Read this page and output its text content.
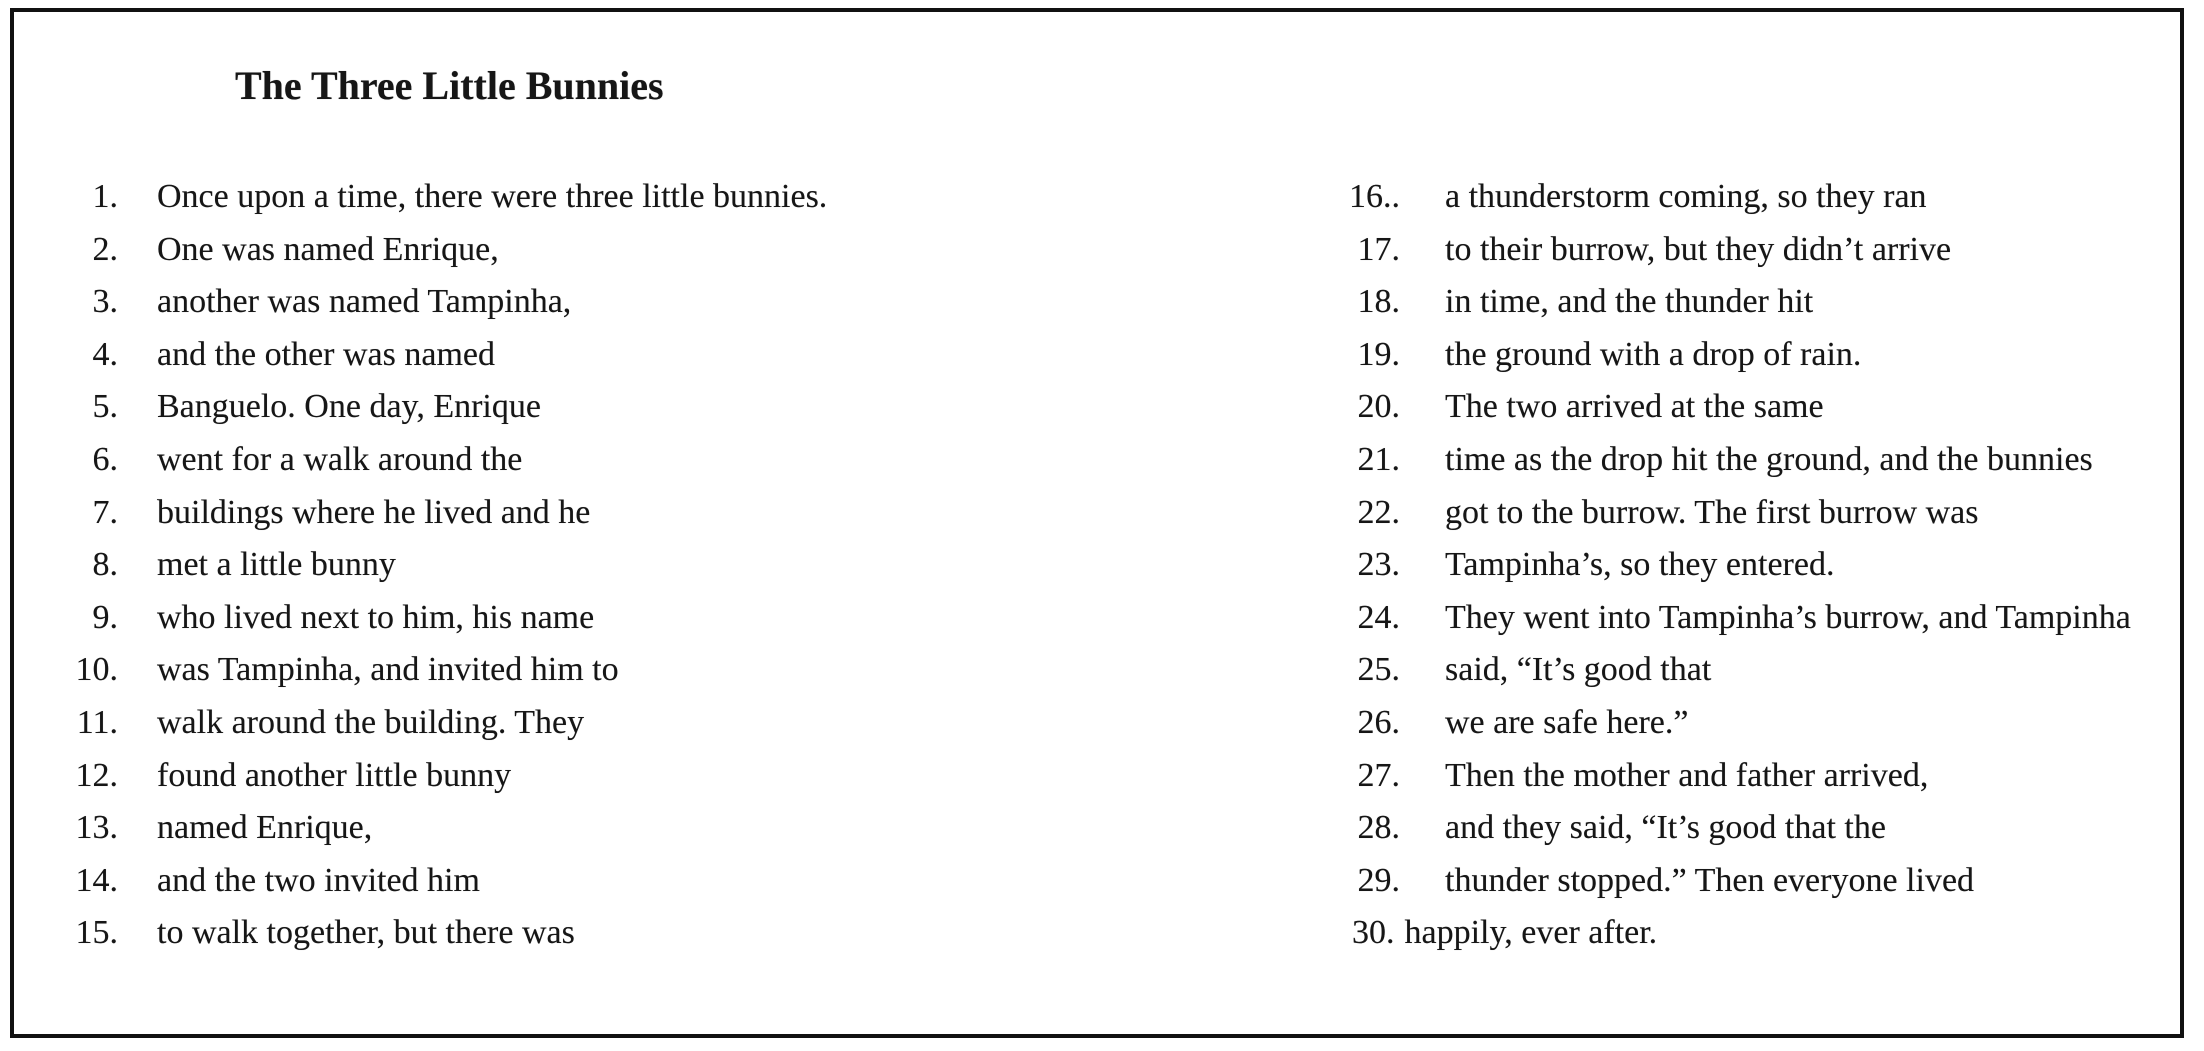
The Three Little Bunnies
1. Once upon a time, there were three little bunnies.
2. One was named Enrique,
3. another was named Tampinha,
4. and the other was named
5. Banguelo. One day, Enrique
6. went for a walk around the
7. buildings where he lived and he
8. met a little bunny
9. who lived next to him, his name
10. was Tampinha, and invited him to
11. walk around the building. They
12. found another little bunny
13. named Enrique,
14. and the two invited him
15. to walk together, but there was
16.. a thunderstorm coming, so they ran
17. to their burrow, but they didn’t arrive
18. in time, and the thunder hit
19. the ground with a drop of rain.
20. The two arrived at the same
21. time as the drop hit the ground, and the bunnies
22. got to the burrow. The first burrow was
23. Tampinha’s, so they entered.
24. They went into Tampinha’s burrow, and Tampinha
25. said, “It’s good that
26. we are safe here.”
27. Then the mother and father arrived,
28. and they said, “It’s good that the
29. thunder stopped.” Then everyone lived
30. happily, ever after.
